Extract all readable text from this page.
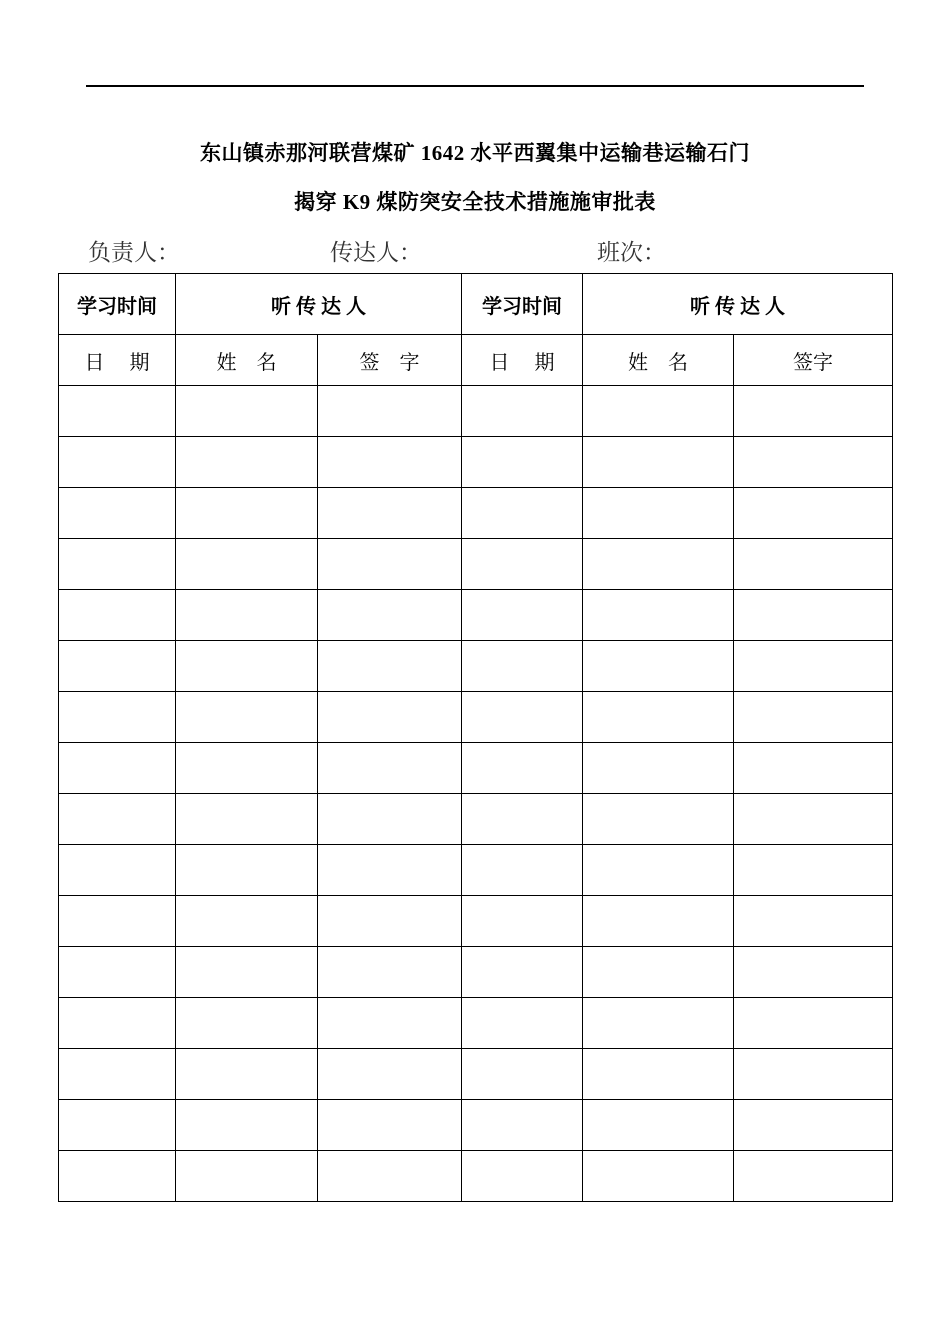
东山镇赤那河联营煤矿 1642 水平西翼集中运输巷运输石门
揭穿 K9 煤防突安全技术措施施审批表
负责人：	传达人：	班次：
学习时间	听 传 达 人		学习时间	听 传 达 人	
日　 期	姓　名	签　字	日　 期	姓　名	签字
